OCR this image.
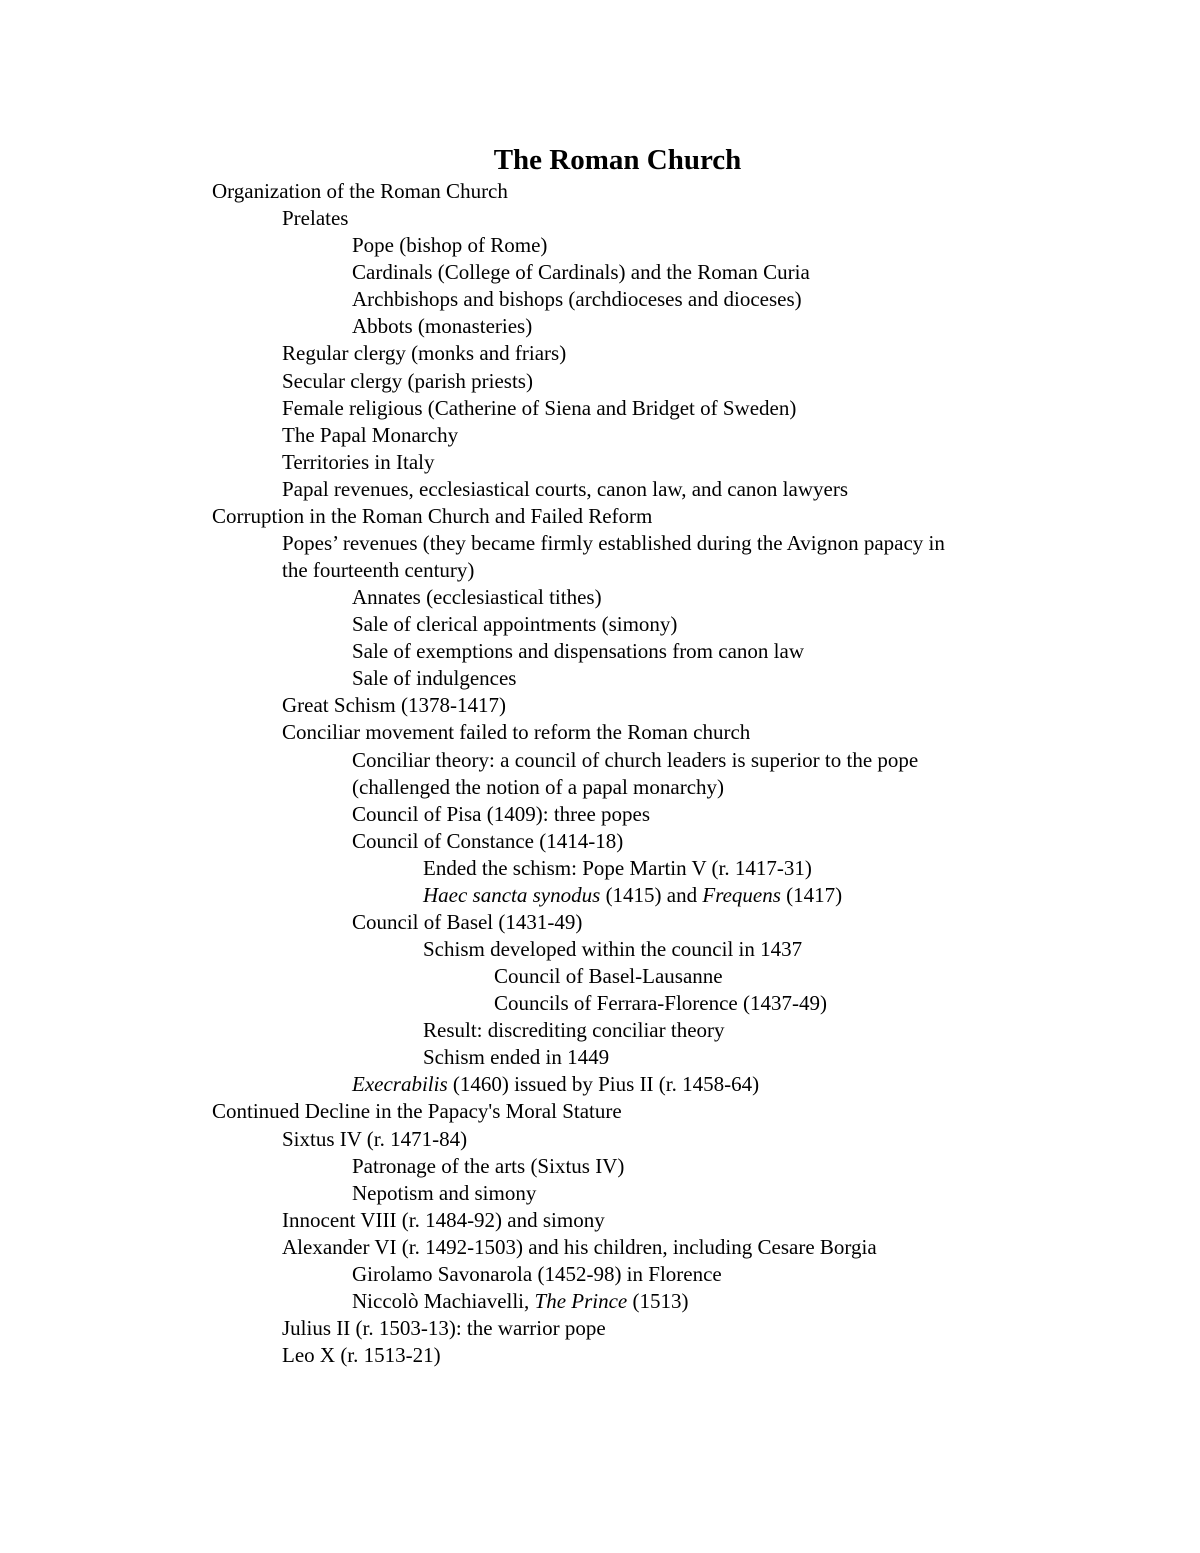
The Roman Church
Organization of the Roman Church
Prelates
Pope (bishop of Rome)
Cardinals (College of Cardinals) and the Roman Curia
Archbishops and bishops (archdioceses and dioceses)
Abbots (monasteries)
Regular clergy (monks and friars)
Secular clergy (parish priests)
Female religious (Catherine of Siena and Bridget of Sweden)
The Papal Monarchy
Territories in Italy
Papal revenues, ecclesiastical courts, canon law, and canon lawyers
Corruption in the Roman Church and Failed Reform
Popes’ revenues (they became firmly established during the Avignon papacy in
the fourteenth century)
Annates (ecclesiastical tithes)
Sale of clerical appointments (simony)
Sale of exemptions and dispensations from canon law
Sale of indulgences
Great Schism (1378-1417)
Conciliar movement failed to reform the Roman church
Conciliar theory: a council of church leaders is superior to the pope
(challenged the notion of a papal monarchy)
Council of Pisa (1409): three popes
Council of Constance (1414-18)
Ended the schism: Pope Martin V (r. 1417-31)
Haec sancta synodus (1415) and Frequens (1417)
Council of Basel (1431-49)
Schism developed within the council in 1437
Council of Basel-Lausanne
Councils of Ferrara-Florence (1437-49)
Result: discrediting conciliar theory
Schism ended in 1449
Execrabilis (1460) issued by Pius II (r. 1458-64)
Continued Decline in the Papacy's Moral Stature
Sixtus IV (r. 1471-84)
Patronage of the arts (Sixtus IV)
Nepotism and simony
Innocent VIII (r. 1484-92) and simony
Alexander VI (r. 1492-1503) and his children, including Cesare Borgia
Girolamo Savonarola (1452-98) in Florence
Niccolò Machiavelli, The Prince (1513)
Julius II (r. 1503-13): the warrior pope
Leo X (r. 1513-21)
